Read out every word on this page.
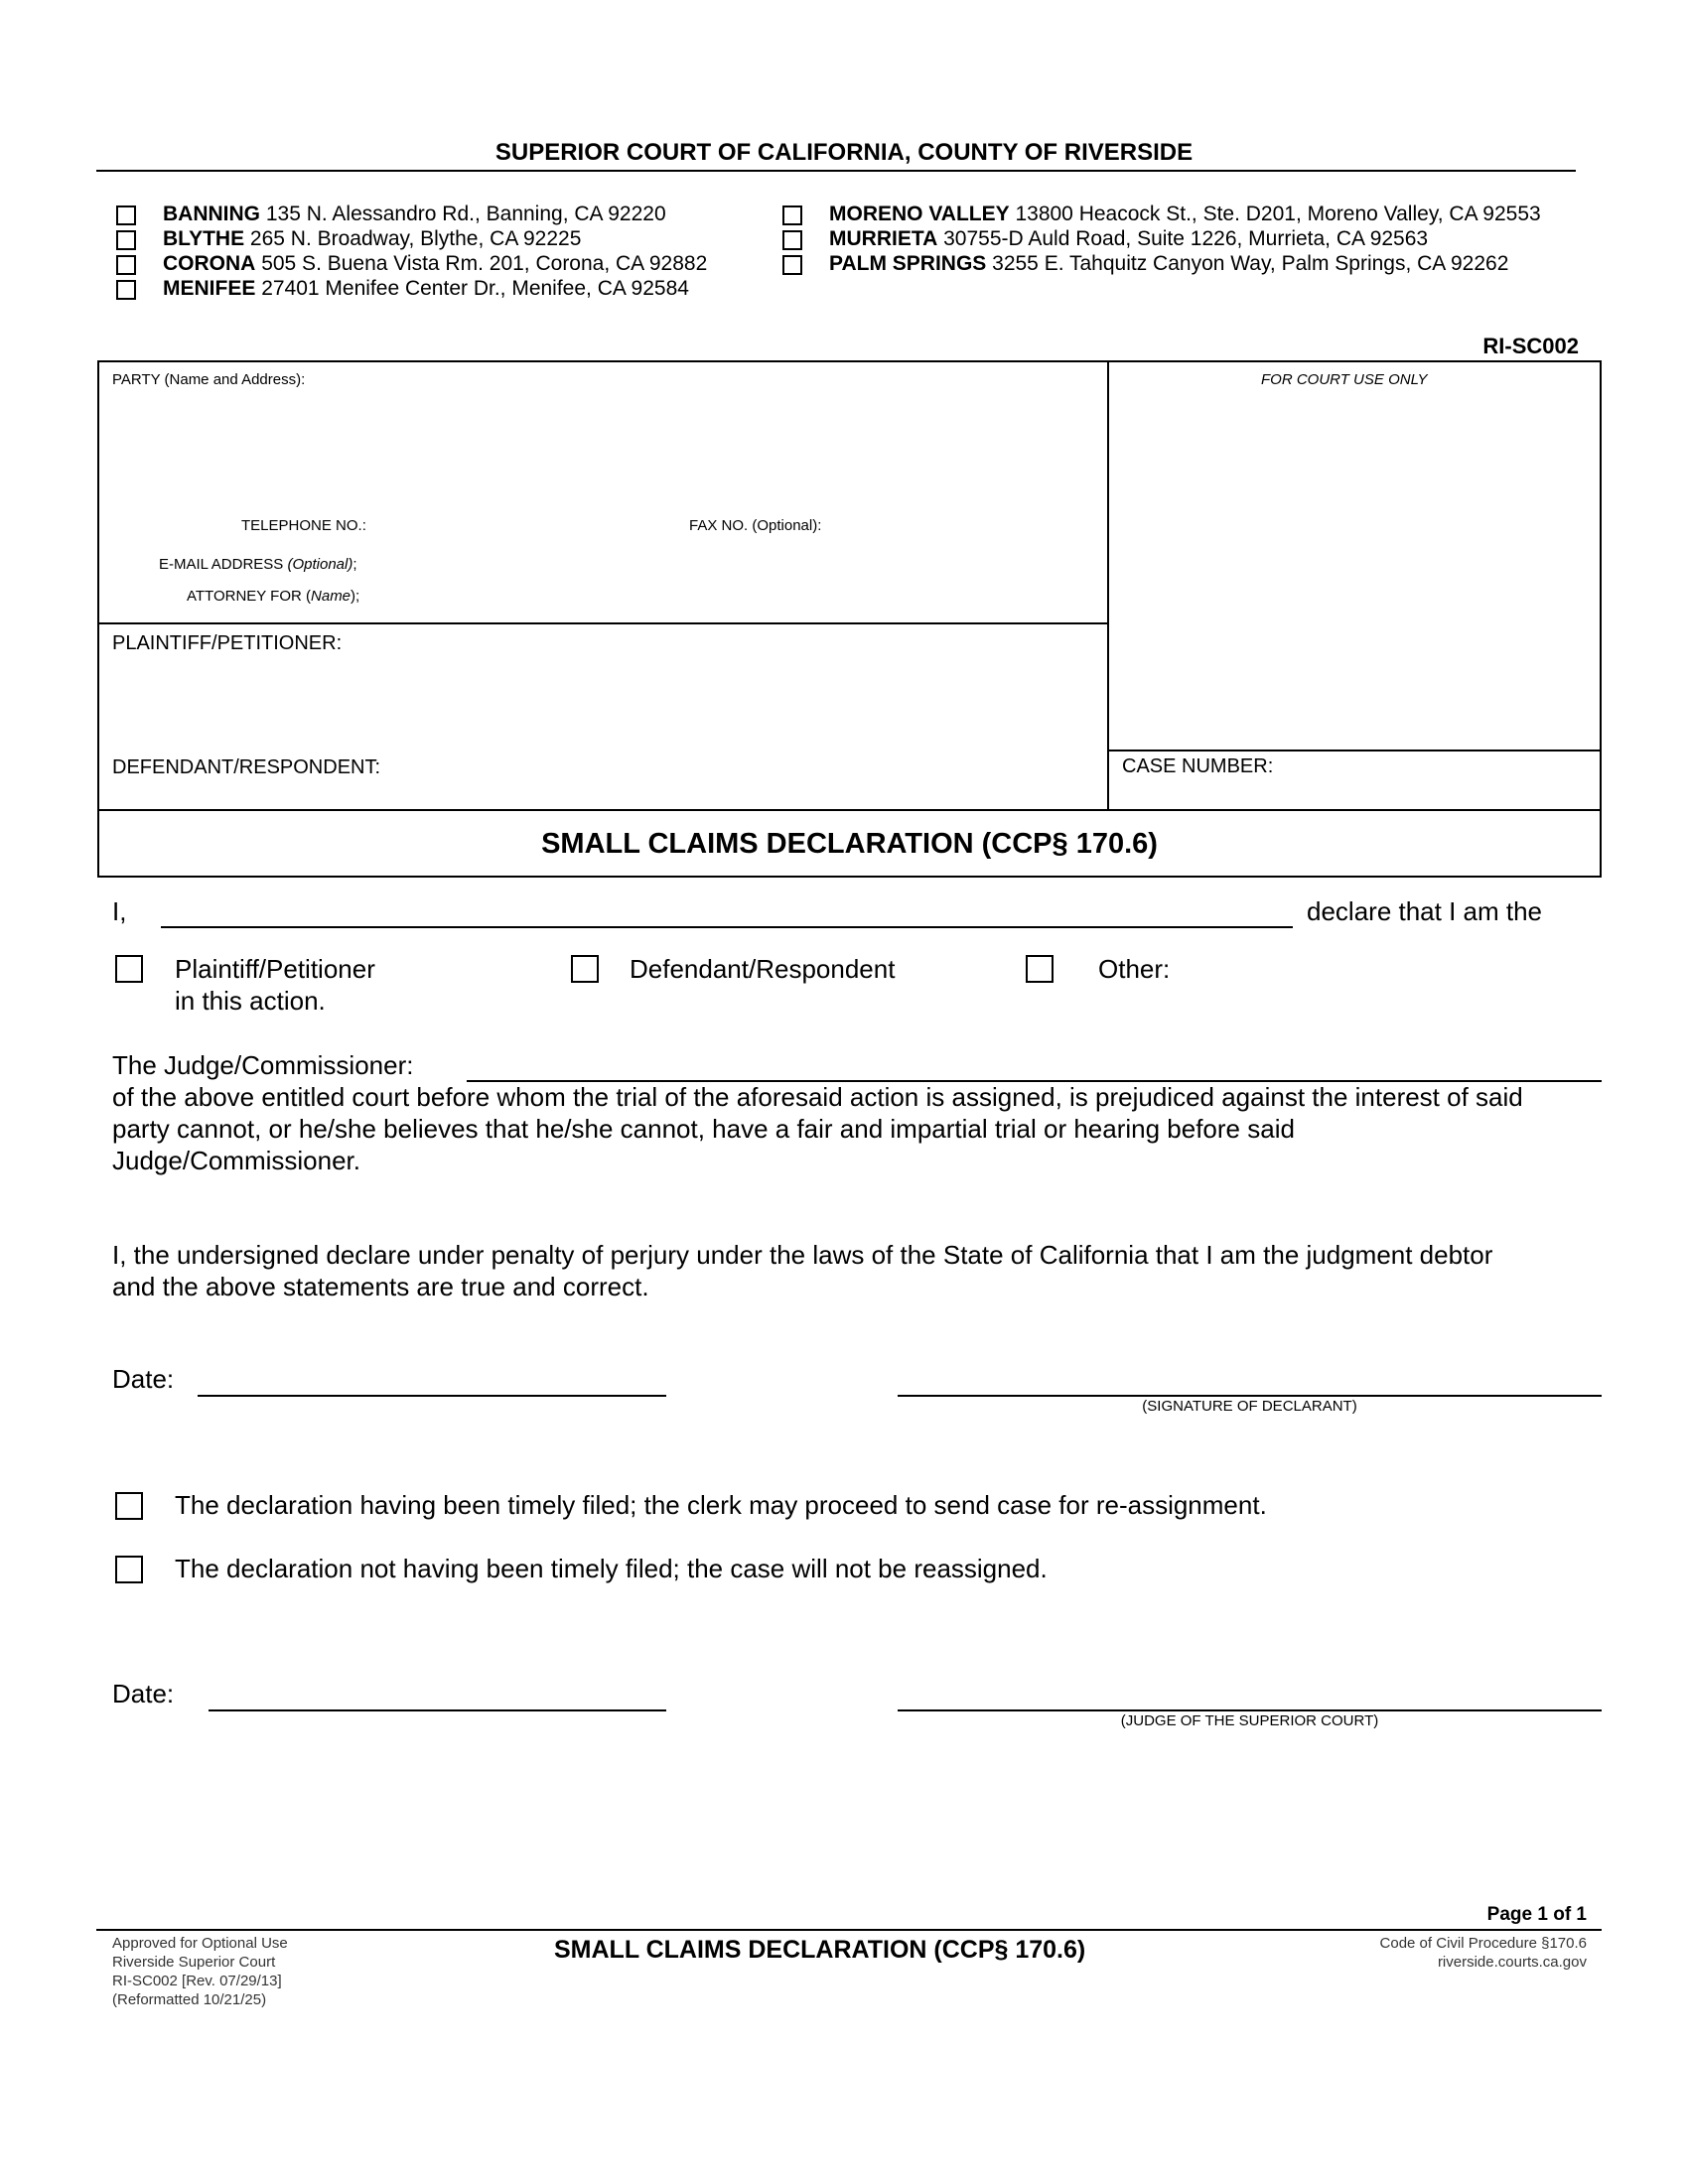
SUPERIOR COURT OF CALIFORNIA, COUNTY OF RIVERSIDE
BANNING 135 N. Alessandro Rd., Banning, CA 92220
BLYTHE 265 N. Broadway, Blythe, CA 92225
CORONA 505 S. Buena Vista Rm. 201, Corona, CA 92882
MENIFEE 27401 Menifee Center Dr., Menifee, CA 92584
MORENO VALLEY 13800 Heacock St., Ste. D201, Moreno Valley, CA 92553
MURRIETA 30755-D Auld Road, Suite 1226, Murrieta, CA 92563
PALM SPRINGS 3255 E. Tahquitz Canyon Way, Palm Springs, CA 92262
RI-SC002
PARTY (Name and Address):	FOR COURT USE ONLY
TELEPHONE NO.:	FAX NO. (Optional):
E-MAIL ADDRESS (Optional);
ATTORNEY FOR (Name);
PLAINTIFF/PETITIONER:
DEFENDANT/RESPONDENT:	CASE NUMBER:
SMALL CLAIMS DECLARATION (CCP§ 170.6)
I,	declare that I am the
Plaintiff/Petitioner
in this action.
Defendant/Respondent	Other:
The Judge/Commissioner:
of the above entitled court before whom the trial of the aforesaid action is assigned, is prejudiced against the interest of said party cannot, or he/she believes that he/she cannot, have a fair and impartial trial or hearing before said Judge/Commissioner.
I, the undersigned declare under penalty of perjury under the laws of the State of California that I am the judgment debtor and the above statements are true and correct.
Date:
(SIGNATURE OF DECLARANT)
The declaration having been timely filed; the clerk may proceed to send case for re-assignment.
The declaration not having been timely filed; the case will not be reassigned.
Date:
(JUDGE OF THE SUPERIOR COURT)
Page 1 of 1
Approved for Optional Use
Riverside Superior Court
RI-SC002 [Rev. 07/29/13]
(Reformatted 10/21/25)
SMALL CLAIMS DECLARATION (CCP§ 170.6)	Code of Civil Procedure §170.6
riverside.courts.ca.gov
